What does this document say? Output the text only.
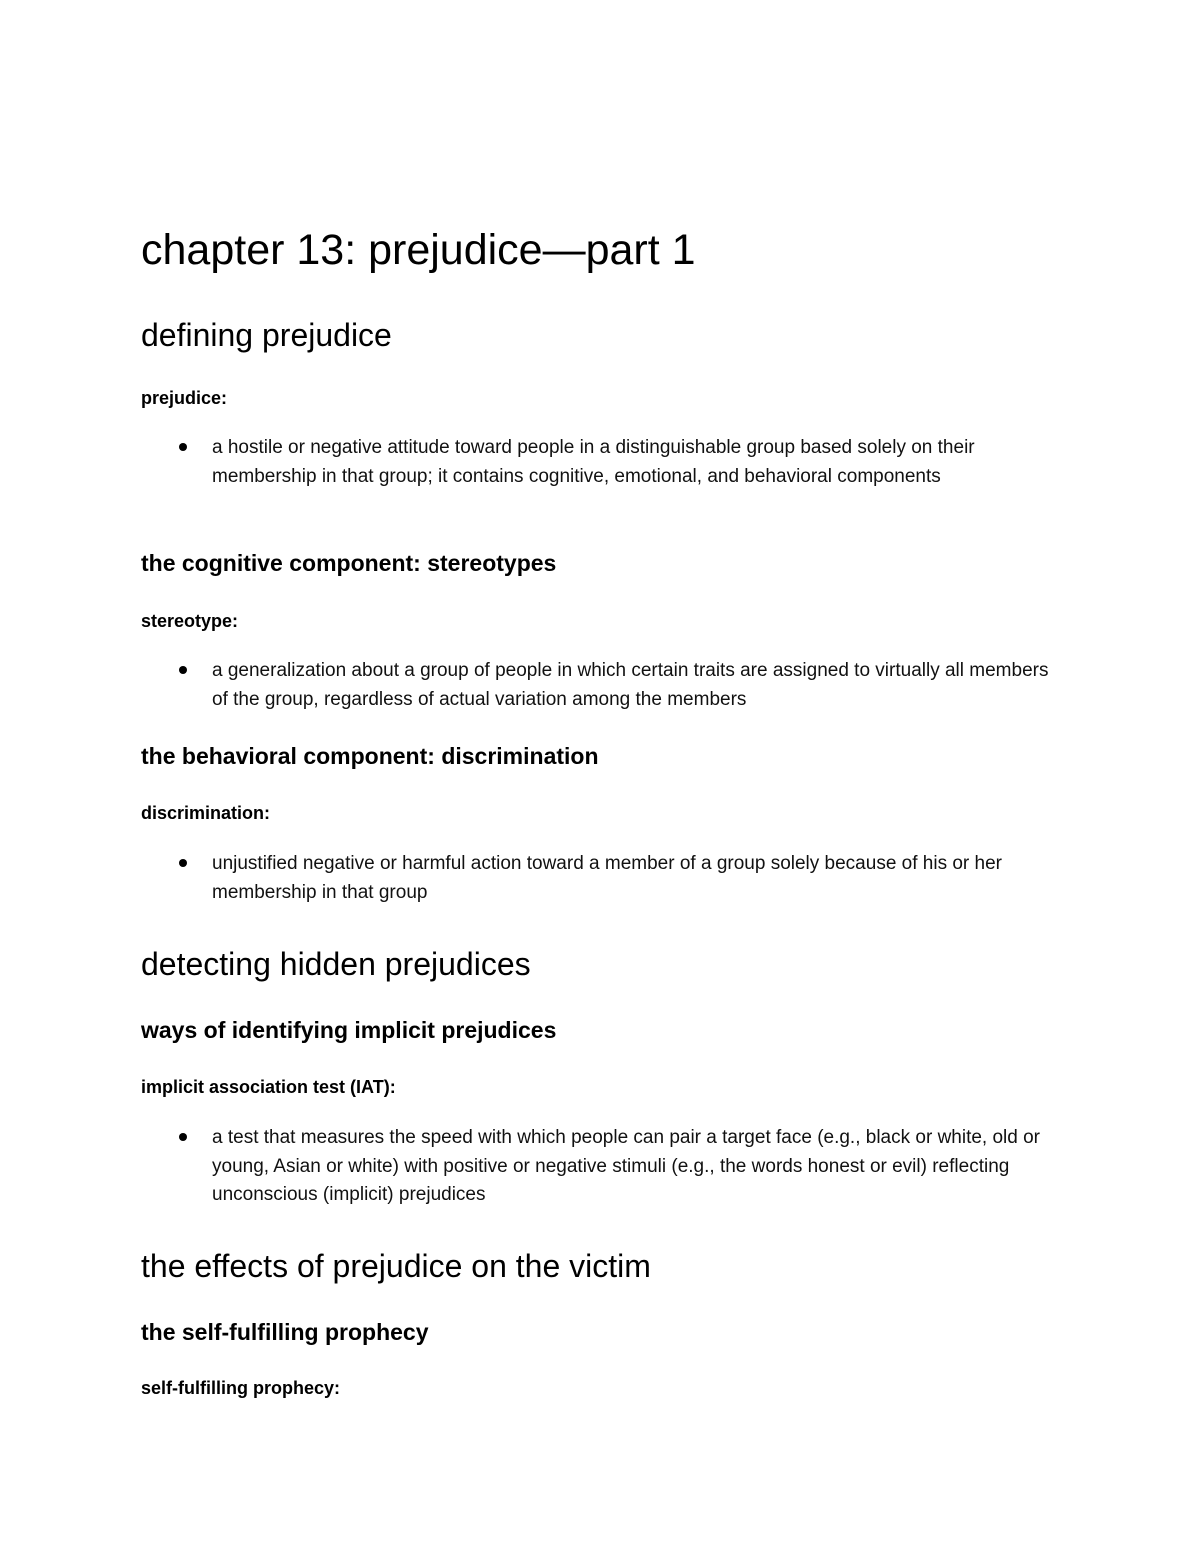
chapter 13: prejudice—part 1
defining prejudice
prejudice:
a hostile or negative attitude toward people in a distinguishable group based solely on their membership in that group; it contains cognitive, emotional, and behavioral components
the cognitive component: stereotypes
stereotype:
a generalization about a group of people in which certain traits are assigned to virtually all members of the group, regardless of actual variation among the members
the behavioral component: discrimination
discrimination:
unjustified negative or harmful action toward a member of a group solely because of his or her membership in that group
detecting hidden prejudices
ways of identifying implicit prejudices
implicit association test (IAT):
a test that measures the speed with which people can pair a target face (e.g., black or white, old or young, Asian or white) with positive or negative stimuli (e.g., the words honest or evil) reflecting unconscious (implicit) prejudices
the effects of prejudice on the victim
the self-fulfilling prophecy
self-fulfilling prophecy:
